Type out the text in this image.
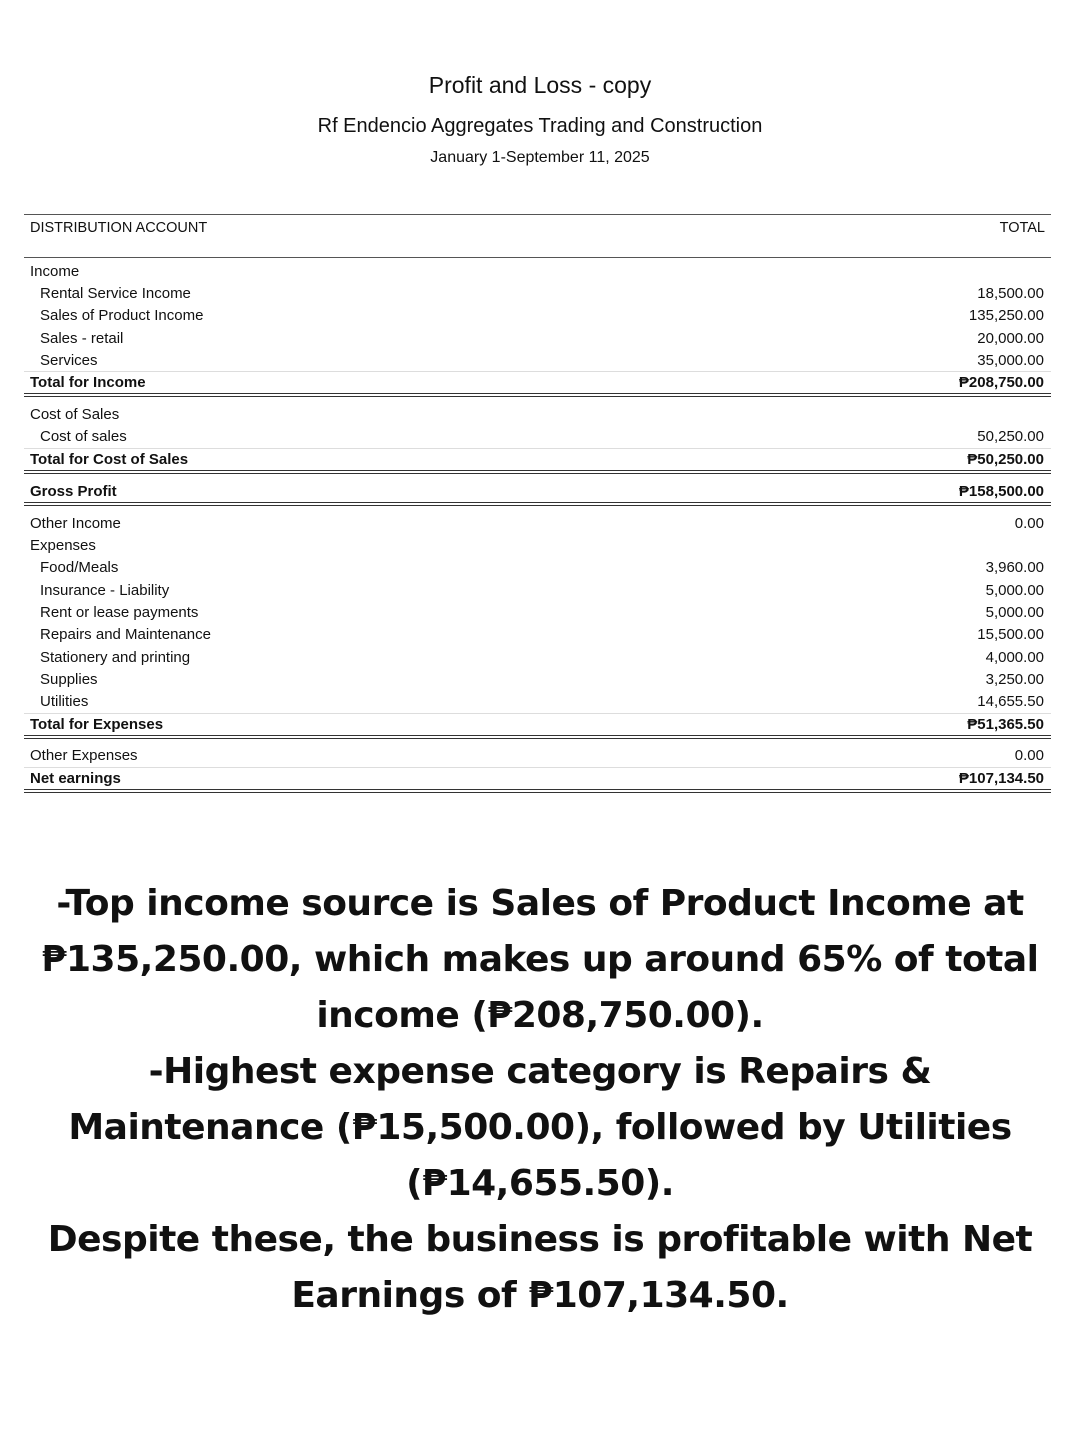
Profit and Loss - copy
Rf Endencio Aggregates Trading and Construction
January 1-September 11, 2025
DISTRIBUTION ACCOUNT	TOTAL
Income
Rental Service Income	18,500.00
Sales of Product Income	135,250.00
Sales - retail	20,000.00
Services	35,000.00
Total for Income	₱208,750.00
Cost of Sales
Cost of sales	50,250.00
Total for Cost of Sales	₱50,250.00
Gross Profit	₱158,500.00
Other Income	0.00
Expenses
Food/Meals	3,960.00
Insurance - Liability	5,000.00
Rent or lease payments	5,000.00
Repairs and Maintenance	15,500.00
Stationery and printing	4,000.00
Supplies	3,250.00
Utilities	14,655.50
Total for Expenses	₱51,365.50
Other Expenses	0.00
Net earnings	₱107,134.50

-Top income source is Sales of Product Income at ₱135,250.00, which makes up around 65% of total income (₱208,750.00).

-Highest expense category is Repairs & Maintenance (₱15,500.00), followed by Utilities (₱14,655.50).

Despite these, the business is profitable with Net Earnings of ₱107,134.50.
